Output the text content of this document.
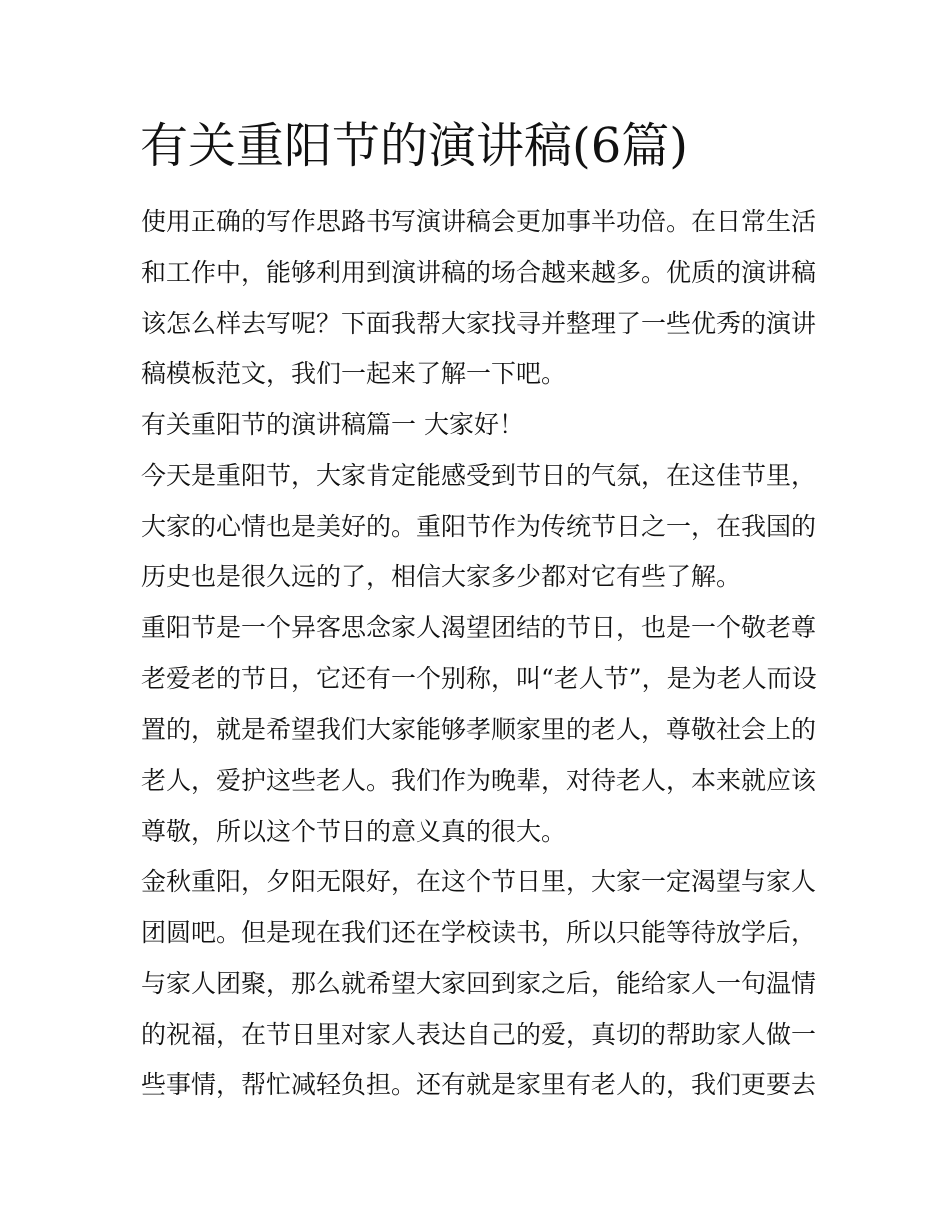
有关重阳节的演讲稿(6篇)

使用正确的写作思路书写演讲稿会更加事半功倍。在日常生活

和工作中，能够利用到演讲稿的场合越来越多。优质的演讲稿

该怎么样去写呢？下面我帮大家找寻并整理了一些优秀的演讲

稿模板范文，我们一起来了解一下吧。

有关重阳节的演讲稿篇一 大家好！

今天是重阳节，大家肯定能感受到节日的气氛，在这佳节里，

大家的心情也是美好的。重阳节作为传统节日之一，在我国的

历史也是很久远的了，相信大家多少都对它有些了解。

重阳节是一个异客思念家人渴望团结的节日，也是一个敬老尊

老爱老的节日，它还有一个别称，叫“老人节”，是为老人而设

置的，就是希望我们大家能够孝顺家里的老人，尊敬社会上的

老人，爱护这些老人。我们作为晚辈，对待老人，本来就应该

尊敬，所以这个节日的意义真的很大。

金秋重阳，夕阳无限好，在这个节日里，大家一定渴望与家人

团圆吧。但是现在我们还在学校读书，所以只能等待放学后，

与家人团聚，那么就希望大家回到家之后，能给家人一句温情

的祝福，在节日里对家人表达自己的爱，真切的帮助家人做一

些事情，帮忙减轻负担。还有就是家里有老人的，我们更要去
